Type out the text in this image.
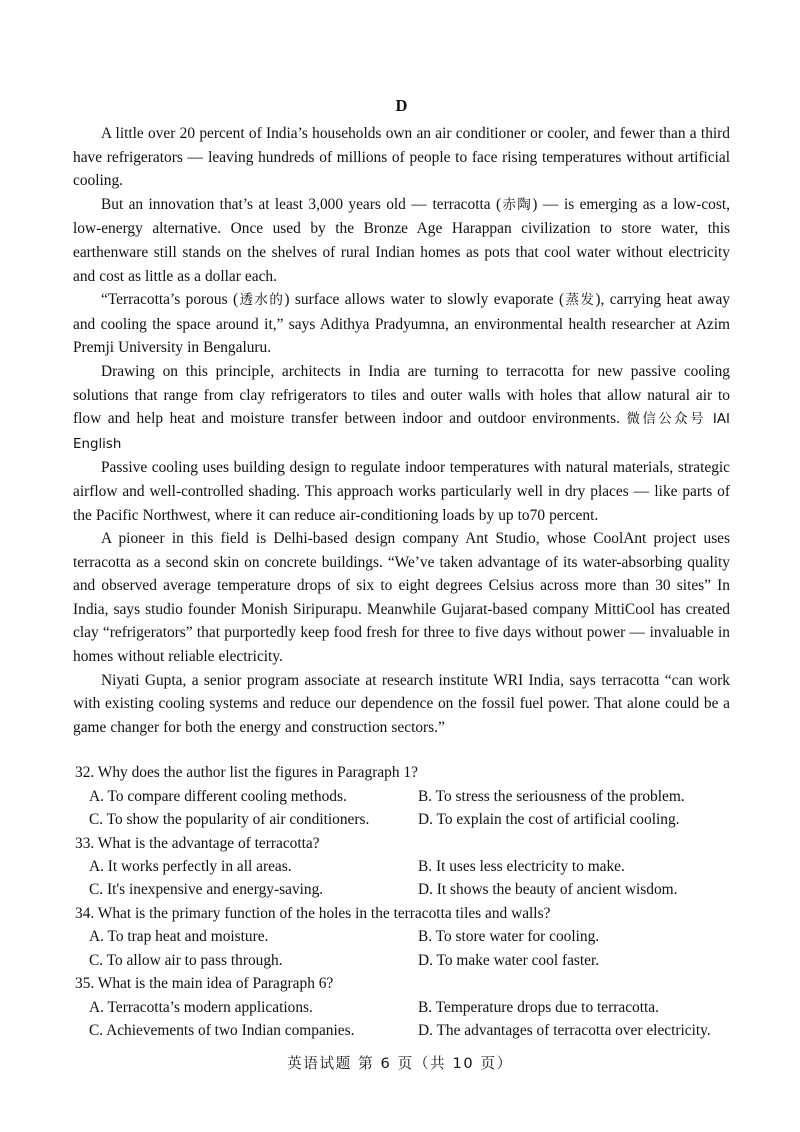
D

A little over 20 percent of India’s households own an air conditioner or cooler, and fewer than a third have refrigerators — leaving hundreds of millions of people to face rising temperatures without artificial cooling.

But an innovation that’s at least 3,000 years old — terracotta (赤陶) — is emerging as a low-cost, low-energy alternative. Once used by the Bronze Age Harappan civilization to store water, this earthenware still stands on the shelves of rural Indian homes as pots that cool water without electricity and cost as little as a dollar each.

“Terracotta’s porous (透水的) surface allows water to slowly evaporate (蒸发), carrying heat away and cooling the space around it,” says Adithya Pradyumna, an environmental health researcher at Azim Premji University in Bengaluru.

Drawing on this principle, architects in India are turning to terracotta for new passive cooling solutions that range from clay refrigerators to tiles and outer walls with holes that allow natural air to flow and help heat and moisture transfer between indoor and outdoor environments. 微信公众号 IAI English

Passive cooling uses building design to regulate indoor temperatures with natural materials, strategic airflow and well-controlled shading. This approach works particularly well in dry places — like parts of the Pacific Northwest, where it can reduce air-conditioning loads by up to70 percent.

A pioneer in this field is Delhi-based design company Ant Studio, whose CoolAnt project uses terracotta as a second skin on concrete buildings. “We’ve taken advantage of its water-absorbing quality and observed average temperature drops of six to eight degrees Celsius across more than 30 sites” In India, says studio founder Monish Siripurapu. Meanwhile Gujarat-based company MittiCool has created clay “refrigerators” that purportedly keep food fresh for three to five days without power — invaluable in homes without reliable electricity.

Niyati Gupta, a senior program associate at research institute WRI India, says terracotta “can work with existing cooling systems and reduce our dependence on the fossil fuel power. That alone could be a game changer for both the energy and construction sectors.”

32. Why does the author list the figures in Paragraph 1?

A. To compare different cooling methods.	B. To stress the seriousness of the problem.
C. To show the popularity of air conditioners.	D. To explain the cost of artificial cooling.

33. What is the advantage of terracotta?

A. It works perfectly in all areas.	B. It uses less electricity to make.
C. It's inexpensive and energy-saving.	D. It shows the beauty of ancient wisdom.

34. What is the primary function of the holes in the terracotta tiles and walls?

A. To trap heat and moisture.	B. To store water for cooling.
C. To allow air to pass through.	D. To make water cool faster.

35. What is the main idea of Paragraph 6?

A. Terracotta’s modern applications.	B. Temperature drops due to terracotta.
C. Achievements of two Indian companies.	D. The advantages of terracotta over electricity.
英语试题 第 6 页（共 10 页）
